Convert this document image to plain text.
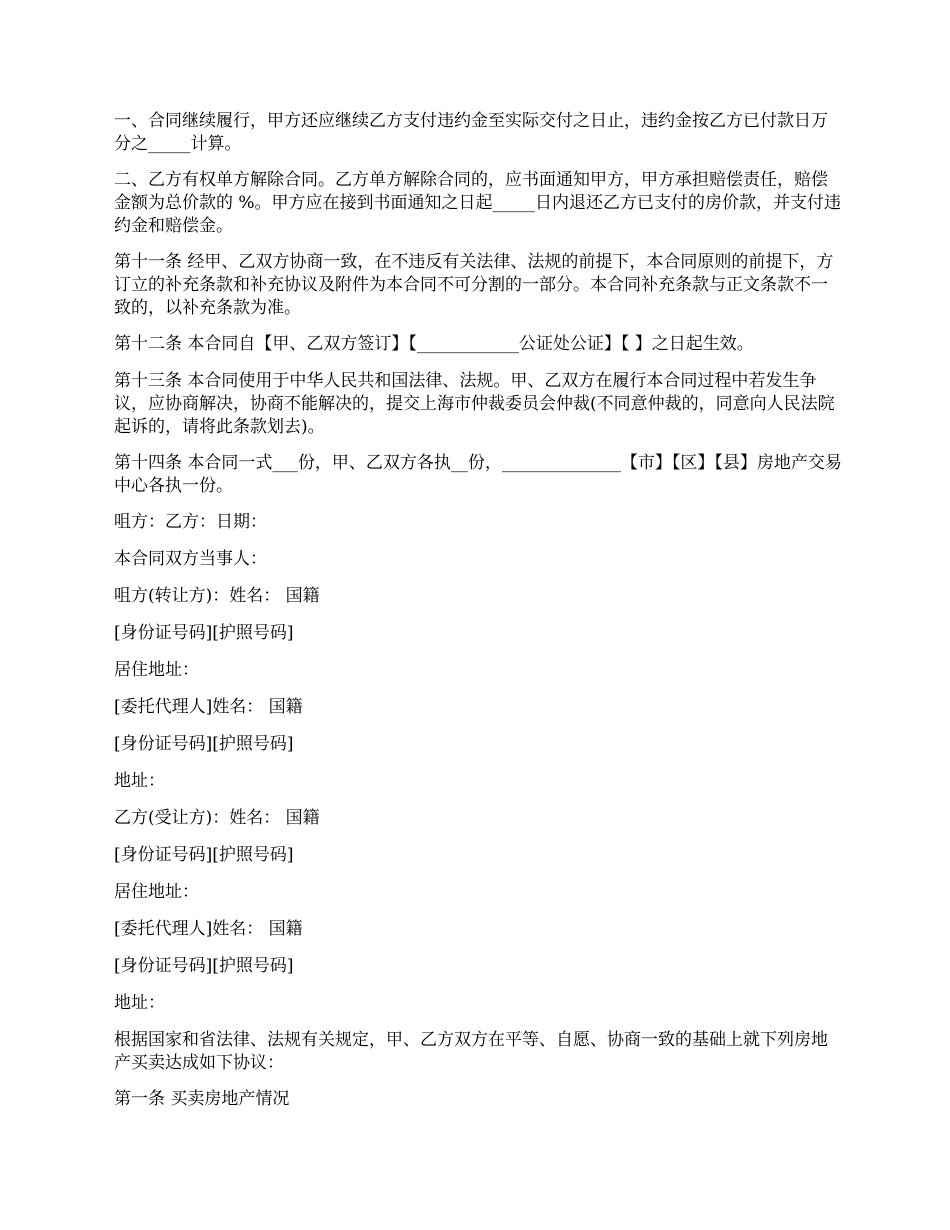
一、合同继续履行，甲方还应继续乙方支付违约金至实际交付之日止，违约金按乙方已付款日万分之_____计算。

二、乙方有权单方解除合同。乙方单方解除合同的，应书面通知甲方，甲方承担赔偿责任，赔偿金额为总价款的 %。甲方应在接到书面通知之日起_____日内退还乙方已支付的房价款，并支付违约金和赔偿金。

第十一条 经甲、乙双方协商一致，在不违反有关法律、法规的前提下，本合同原则的前提下，方订立的补充条款和补充协议及附件为本合同不可分割的一部分。本合同补充条款与正文条款不一致的，以补充条款为准。

第十二条 本合同自【甲、乙双方签订】【____________公证处公证】【 】之日起生效。

第十三条 本合同使用于中华人民共和国法律、法规。甲、乙双方在履行本合同过程中若发生争议，应协商解决，协商不能解决的，提交上海市仲裁委员会仲裁(不同意仲裁的，同意向人民法院起诉的，请将此条款划去)。

第十四条 本合同一式___份，甲、乙双方各执__份，______________【市】【区】【县】房地产交易中心各执一份。

咀方：乙方：日期：

本合同双方当事人：

咀方(转让方)：姓名： 国籍

[身份证号码][护照号码]

居住地址：

[委托代理人]姓名： 国籍

[身份证号码][护照号码]

地址：

乙方(受让方)：姓名： 国籍

[身份证号码][护照号码]

居住地址：

[委托代理人]姓名： 国籍

[身份证号码][护照号码]

地址：

根据国家和省法律、法规有关规定，甲、乙方双方在平等、自愿、协商一致的基础上就下列房地产买卖达成如下协议：

第一条 买卖房地产情况
